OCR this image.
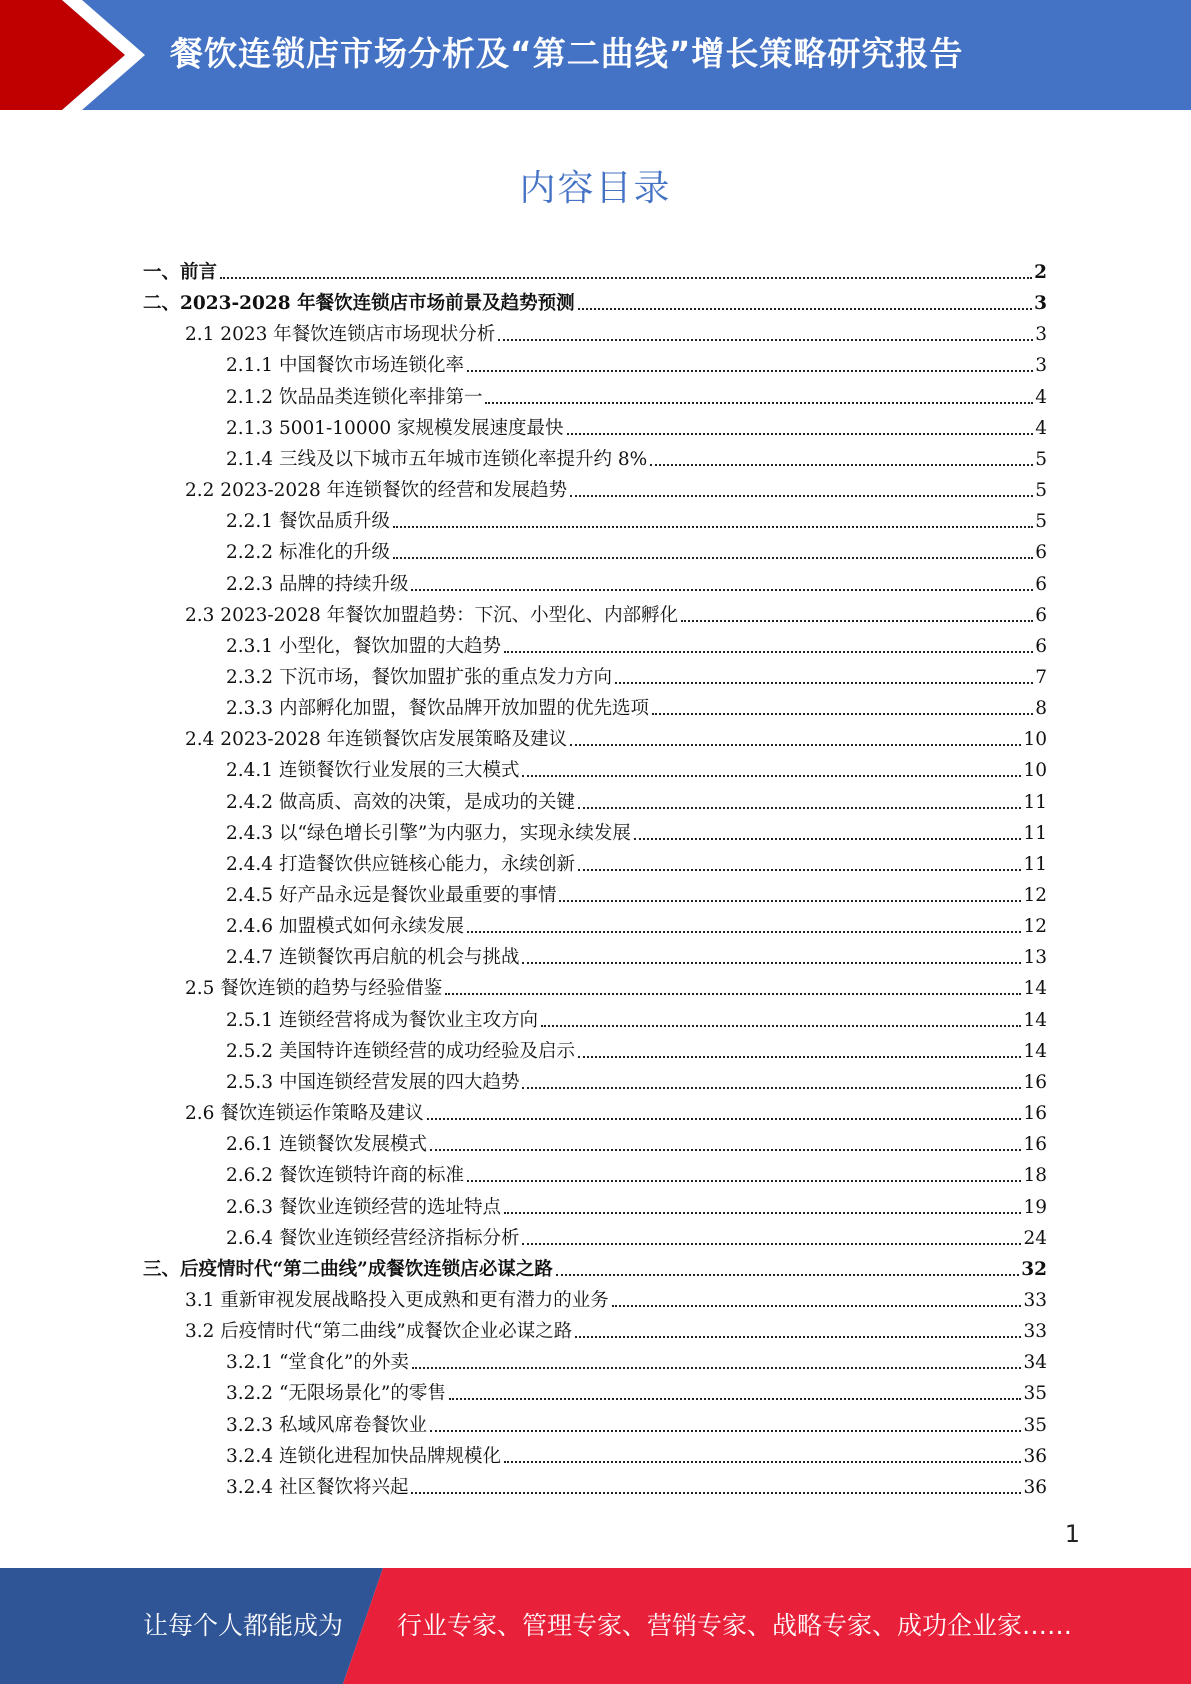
餐饮连锁店市场分析及“第二曲线”增长策略研究报告
内容目录
一、前言	2
二、2023-2028 年餐饮连锁店市场前景及趋势预测	3
2.1 2023 年餐饮连锁店市场现状分析	3
2.1.1 中国餐饮市场连锁化率	3
2.1.2 饮品品类连锁化率排第一	4
2.1.3 5001-10000 家规模发展速度最快	4
2.1.4 三线及以下城市五年城市连锁化率提升约 8%	5
2.2 2023-2028 年连锁餐饮的经营和发展趋势	5
2.2.1 餐饮品质升级	5
2.2.2 标准化的升级	6
2.2.3 品牌的持续升级	6
2.3 2023-2028 年餐饮加盟趋势：下沉、小型化、内部孵化	6
2.3.1 小型化，餐饮加盟的大趋势	6
2.3.2 下沉市场，餐饮加盟扩张的重点发力方向	7
2.3.3 内部孵化加盟，餐饮品牌开放加盟的优先选项	8
2.4 2023-2028 年连锁餐饮店发展策略及建议	10
2.4.1 连锁餐饮行业发展的三大模式	10
2.4.2 做高质、高效的决策，是成功的关键	11
2.4.3 以“绿色增长引擎”为内驱力，实现永续发展	11
2.4.4 打造餐饮供应链核心能力，永续创新	11
2.4.5 好产品永远是餐饮业最重要的事情	12
2.4.6 加盟模式如何永续发展	12
2.4.7 连锁餐饮再启航的机会与挑战	13
2.5 餐饮连锁的趋势与经验借鉴	14
2.5.1 连锁经营将成为餐饮业主攻方向	14
2.5.2 美国特许连锁经营的成功经验及启示	14
2.5.3 中国连锁经营发展的四大趋势	16
2.6 餐饮连锁运作策略及建议	16
2.6.1 连锁餐饮发展模式	16
2.6.2 餐饮连锁特许商的标准	18
2.6.3 餐饮业连锁经营的选址特点	19
2.6.4 餐饮业连锁经营经济指标分析	24
三、后疫情时代“第二曲线”成餐饮连锁店必谋之路	32
3.1 重新审视发展战略投入更成熟和更有潜力的业务	33
3.2 后疫情时代“第二曲线”成餐饮企业必谋之路	33
3.2.1 “堂食化”的外卖	34
3.2.2 “无限场景化”的零售	35
3.2.3 私域风席卷餐饮业	35
3.2.4 连锁化进程加快品牌规模化	36
3.2.4 社区餐饮将兴起	36
1
让每个人都能成为 行业专家、管理专家、营销专家、战略专家、成功企业家……
